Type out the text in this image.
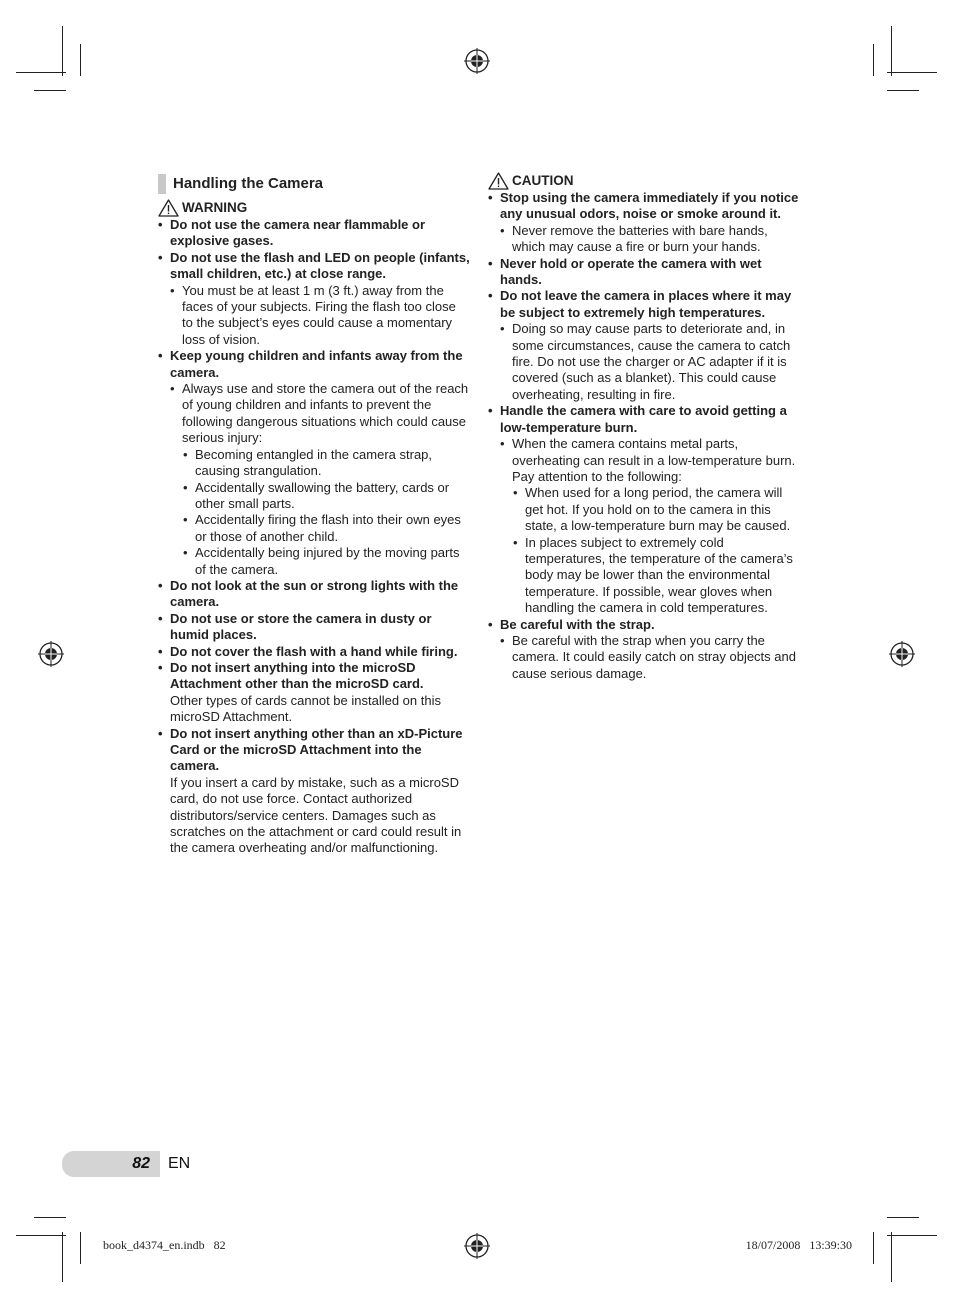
Handling the Camera
WARNING
• Do not use the camera near flammable or explosive gases.
• Do not use the flash and LED on people (infants, small children, etc.) at close range.
• You must be at least 1 m (3 ft.) away from the faces of your subjects. Firing the flash too close to the subject’s eyes could cause a momentary loss of vision.
• Keep young children and infants away from the camera.
• Always use and store the camera out of the reach of young children and infants to prevent the following dangerous situations which could cause serious injury:
• Becoming entangled in the camera strap, causing strangulation.
• Accidentally swallowing the battery, cards or other small parts.
• Accidentally firing the flash into their own eyes or those of another child.
• Accidentally being injured by the moving parts of the camera.
• Do not look at the sun or strong lights with the camera.
• Do not use or store the camera in dusty or humid places.
• Do not cover the flash with a hand while firing.
• Do not insert anything into the microSD Attachment other than the microSD card.
Other types of cards cannot be installed on this microSD Attachment.
• Do not insert anything other than an xD-Picture Card or the microSD Attachment into the camera.
If you insert a card by mistake, such as a microSD card, do not use force. Contact authorized distributors/service centers. Damages such as scratches on the attachment or card could result in the camera overheating and/or malfunctioning.
CAUTION
• Stop using the camera immediately if you notice any unusual odors, noise or smoke around it.
• Never remove the batteries with bare hands, which may cause a fire or burn your hands.
• Never hold or operate the camera with wet hands.
• Do not leave the camera in places where it may be subject to extremely high temperatures.
• Doing so may cause parts to deteriorate and, in some circumstances, cause the camera to catch fire. Do not use the charger or AC adapter if it is covered (such as a blanket). This could cause overheating, resulting in fire.
• Handle the camera with care to avoid getting a low-temperature burn.
• When the camera contains metal parts, overheating can result in a low-temperature burn. Pay attention to the following:
• When used for a long period, the camera will get hot. If you hold on to the camera in this state, a low-temperature burn may be caused.
• In places subject to extremely cold temperatures, the temperature of the camera’s body may be lower than the environmental temperature. If possible, wear gloves when handling the camera in cold temperatures.
• Be careful with the strap.
• Be careful with the strap when you carry the camera. It could easily catch on stray objects and cause serious damage.
82 EN
book_d4374_en.indb   82	18/07/2008   13:39:30
